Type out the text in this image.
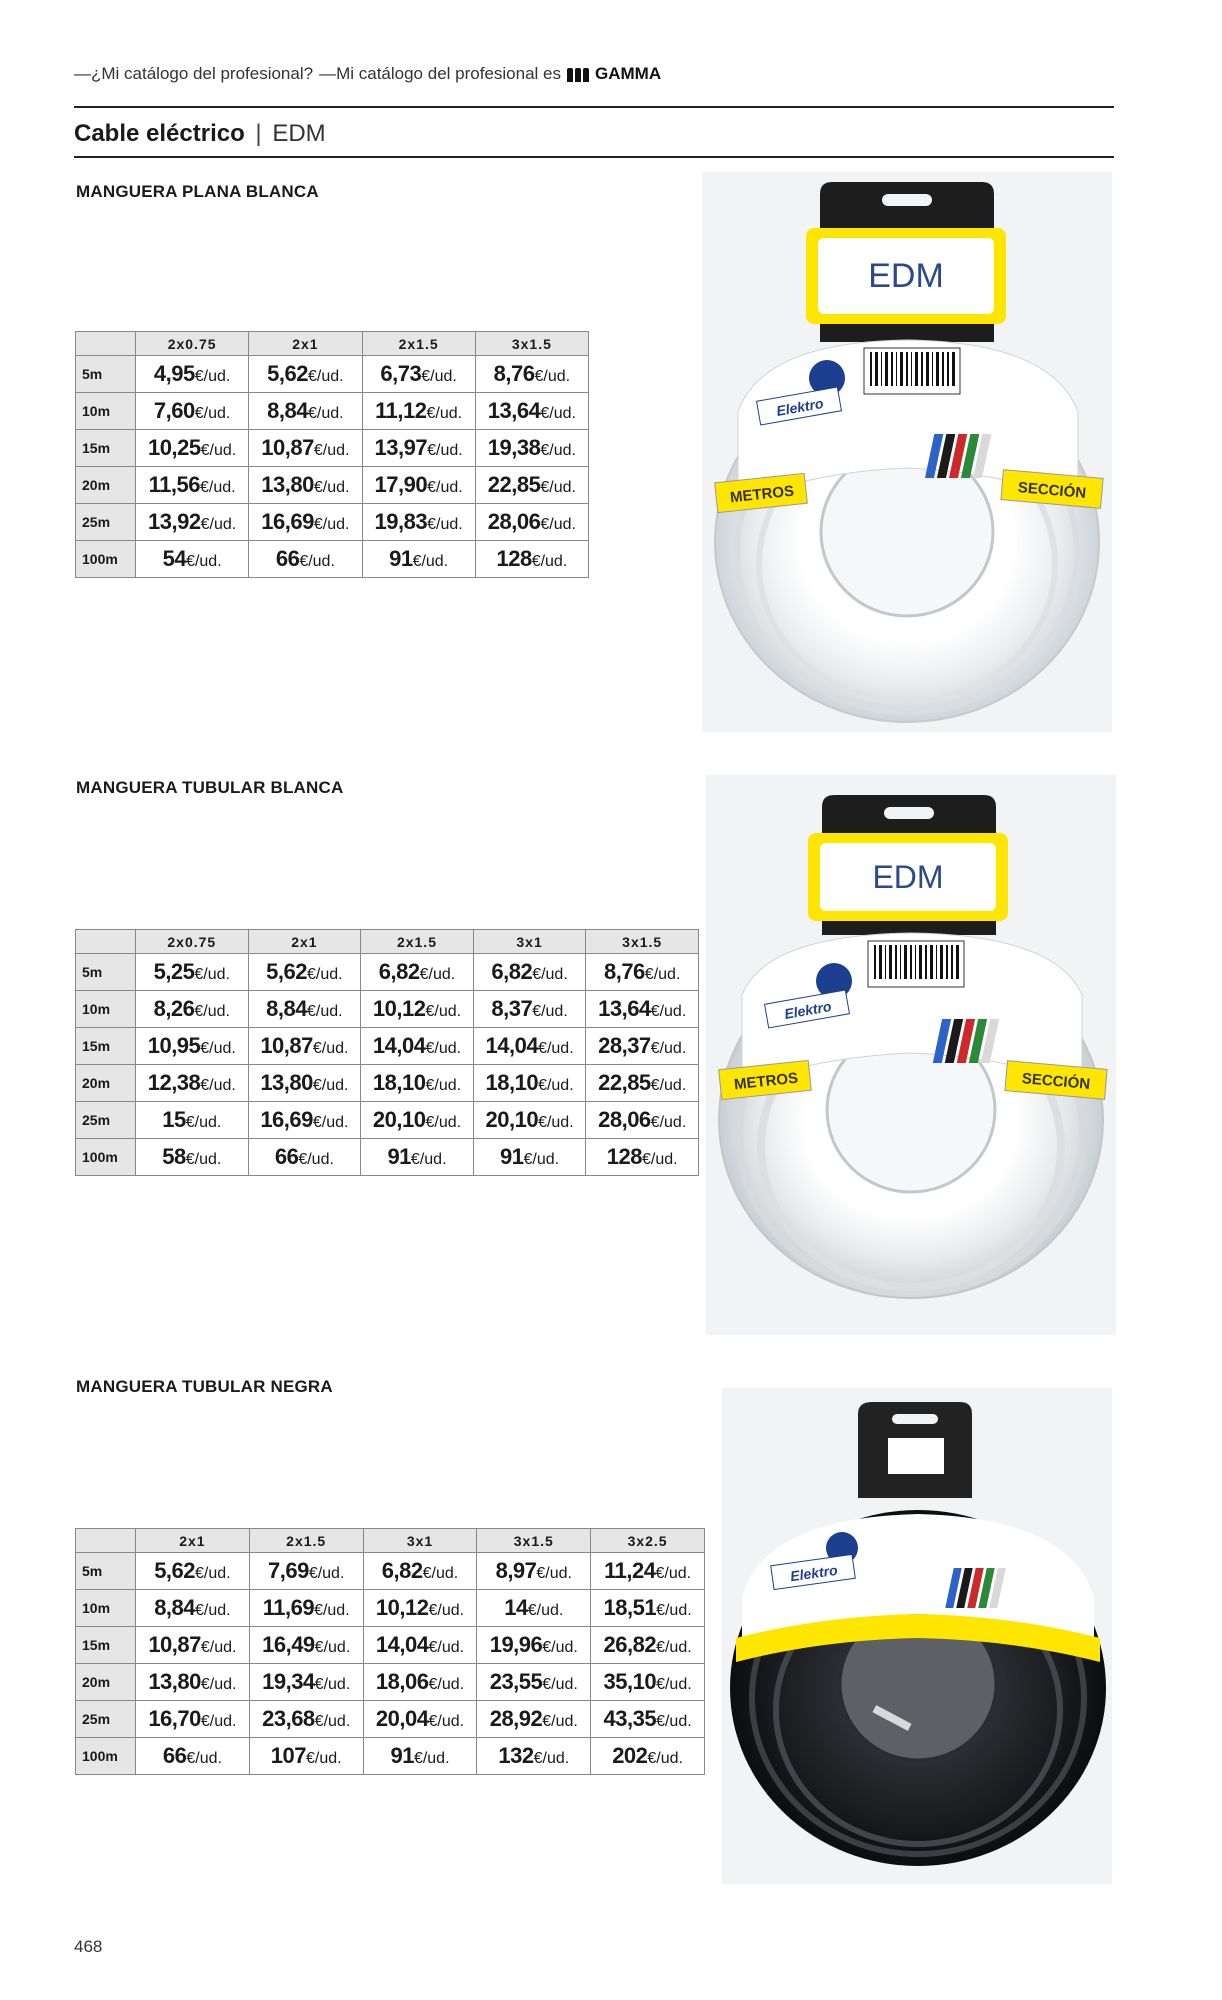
—¿Mi catálogo del profesional? —Mi catálogo del profesional es GAMMA
Cable eléctrico | EDM
MANGUERA PLANA BLANCA
MANGUERA TUBULAR BLANCA
MANGUERA TUBULAR NEGRA
	2x0.75	2x1	2x1.5	3x1.5
5m	4,95€/ud.	5,62€/ud.	6,73€/ud.	8,76€/ud.
10m	7,60€/ud.	8,84€/ud.	11,12€/ud.	13,64€/ud.
15m	10,25€/ud.	10,87€/ud.	13,97€/ud.	19,38€/ud.
20m	11,56€/ud.	13,80€/ud.	17,90€/ud.	22,85€/ud.
25m	13,92€/ud.	16,69€/ud.	19,83€/ud.	28,06€/ud.
100m	54€/ud.	66€/ud.	91€/ud.	128€/ud.
	2x0.75	2x1	2x1.5	3x1	3x1.5
5m	5,25€/ud.	5,62€/ud.	6,82€/ud.	6,82€/ud.	8,76€/ud.
10m	8,26€/ud.	8,84€/ud.	10,12€/ud.	8,37€/ud.	13,64€/ud.
15m	10,95€/ud.	10,87€/ud.	14,04€/ud.	14,04€/ud.	28,37€/ud.
20m	12,38€/ud.	13,80€/ud.	18,10€/ud.	18,10€/ud.	22,85€/ud.
25m	15€/ud.	16,69€/ud.	20,10€/ud.	20,10€/ud.	28,06€/ud.
100m	58€/ud.	66€/ud.	91€/ud.	91€/ud.	128€/ud.
	2x1	2x1.5	3x1	3x1.5	3x2.5
5m	5,62€/ud.	7,69€/ud.	6,82€/ud.	8,97€/ud.	11,24€/ud.
10m	8,84€/ud.	11,69€/ud.	10,12€/ud.	14€/ud.	18,51€/ud.
15m	10,87€/ud.	16,49€/ud.	14,04€/ud.	19,96€/ud.	26,82€/ud.
20m	13,80€/ud.	19,34€/ud.	18,06€/ud.	23,55€/ud.	35,10€/ud.
25m	16,70€/ud.	23,68€/ud.	20,04€/ud.	28,92€/ud.	43,35€/ud.
100m	66€/ud.	107€/ud.	91€/ud.	132€/ud.	202€/ud.
EDM
Elektro
METROS	SECCIÓN
EDM
Elektro
METROS	SECCIÓN
Elektro
468
